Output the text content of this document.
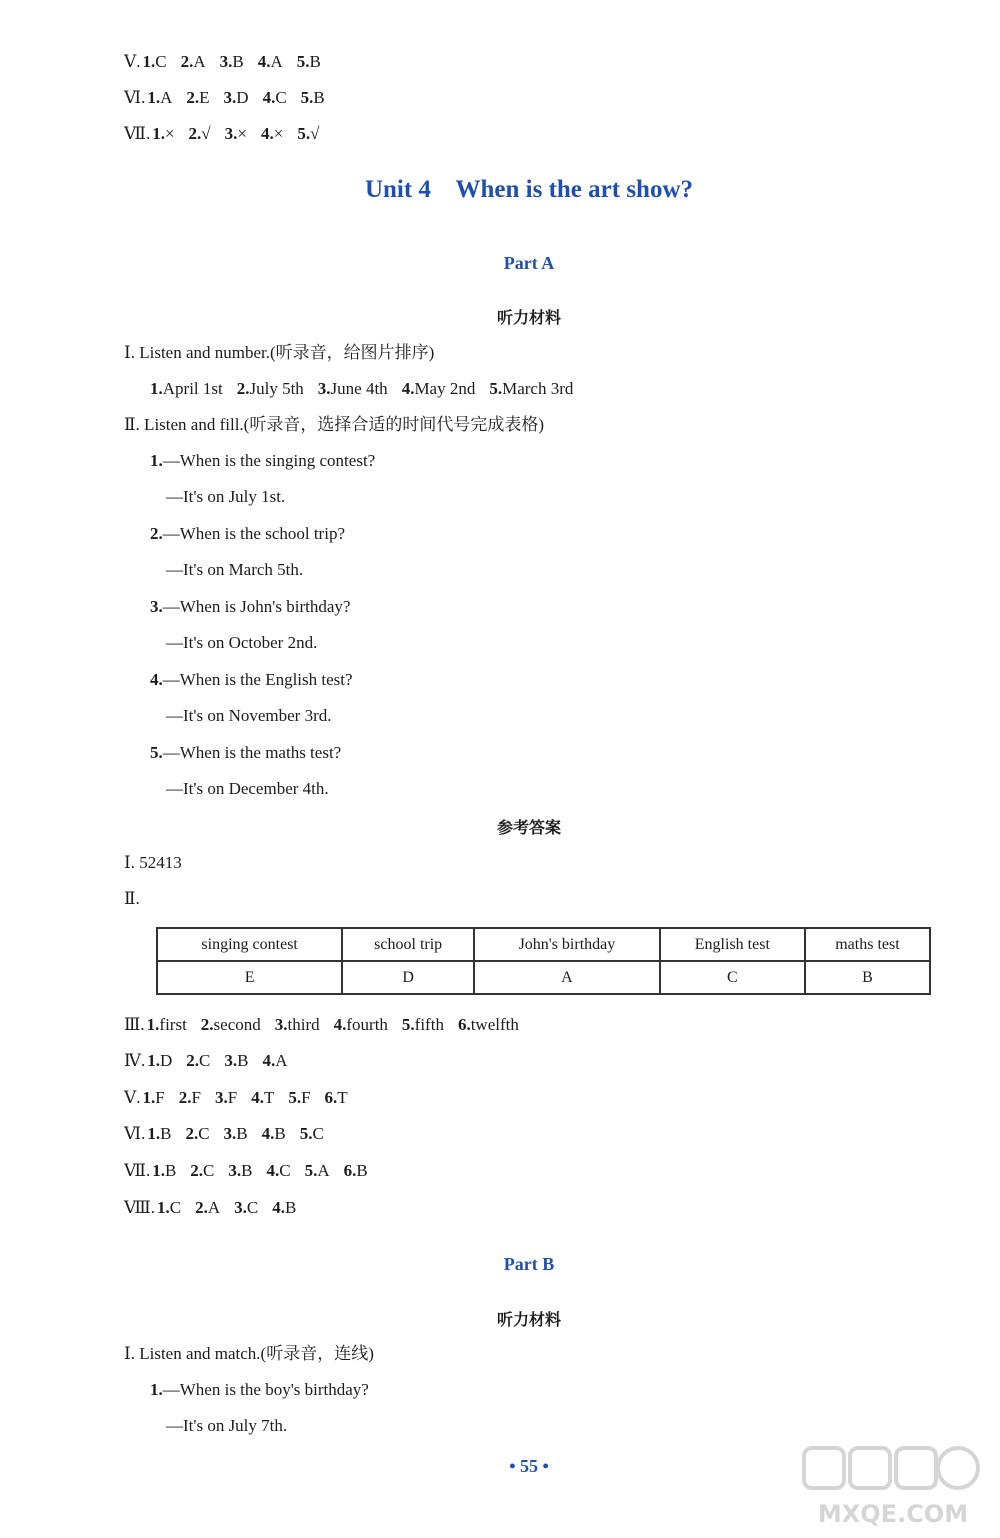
Ⅴ. 1.C 2.A 3.B 4.A 5.B
Ⅵ. 1.A 2.E 3.D 4.C 5.B
Ⅶ. 1.× 2.√ 3.× 4.× 5.√
Unit 4    When is the art show?
Part A
听力材料
Ⅰ. Listen and number.(听录音，给图片排序)
1.April 1st 2.July 5th 3.June 4th 4.May 2nd 5.March 3rd
Ⅱ. Listen and fill.(听录音，选择合适的时间代号完成表格)
1.—When is the singing contest?
—It's on July 1st.
2.—When is the school trip?
—It's on March 5th.
3.—When is John's birthday?
—It's on October 2nd.
4.—When is the English test?
—It's on November 3rd.
5.—When is the maths test?
—It's on December 4th.
参考答案
Ⅰ. 52413
Ⅱ.
singing contest	school trip	John's birthday	English test	maths test
E	D	A	C	B
Ⅲ. 1.first 2.second 3.third 4.fourth 5.fifth 6.twelfth
Ⅳ. 1.D 2.C 3.B 4.A
Ⅴ. 1.F 2.F 3.F 4.T 5.F 6.T
Ⅵ. 1.B 2.C 3.B 4.B 5.C
Ⅶ. 1.B 2.C 3.B 4.C 5.A 6.B
Ⅷ. 1.C 2.A 3.C 4.B
Part B
听力材料
Ⅰ. Listen and match.(听录音，连线)
1.—When is the boy's birthday?
—It's on July 7th.
• 55 •
MXQE.COM
